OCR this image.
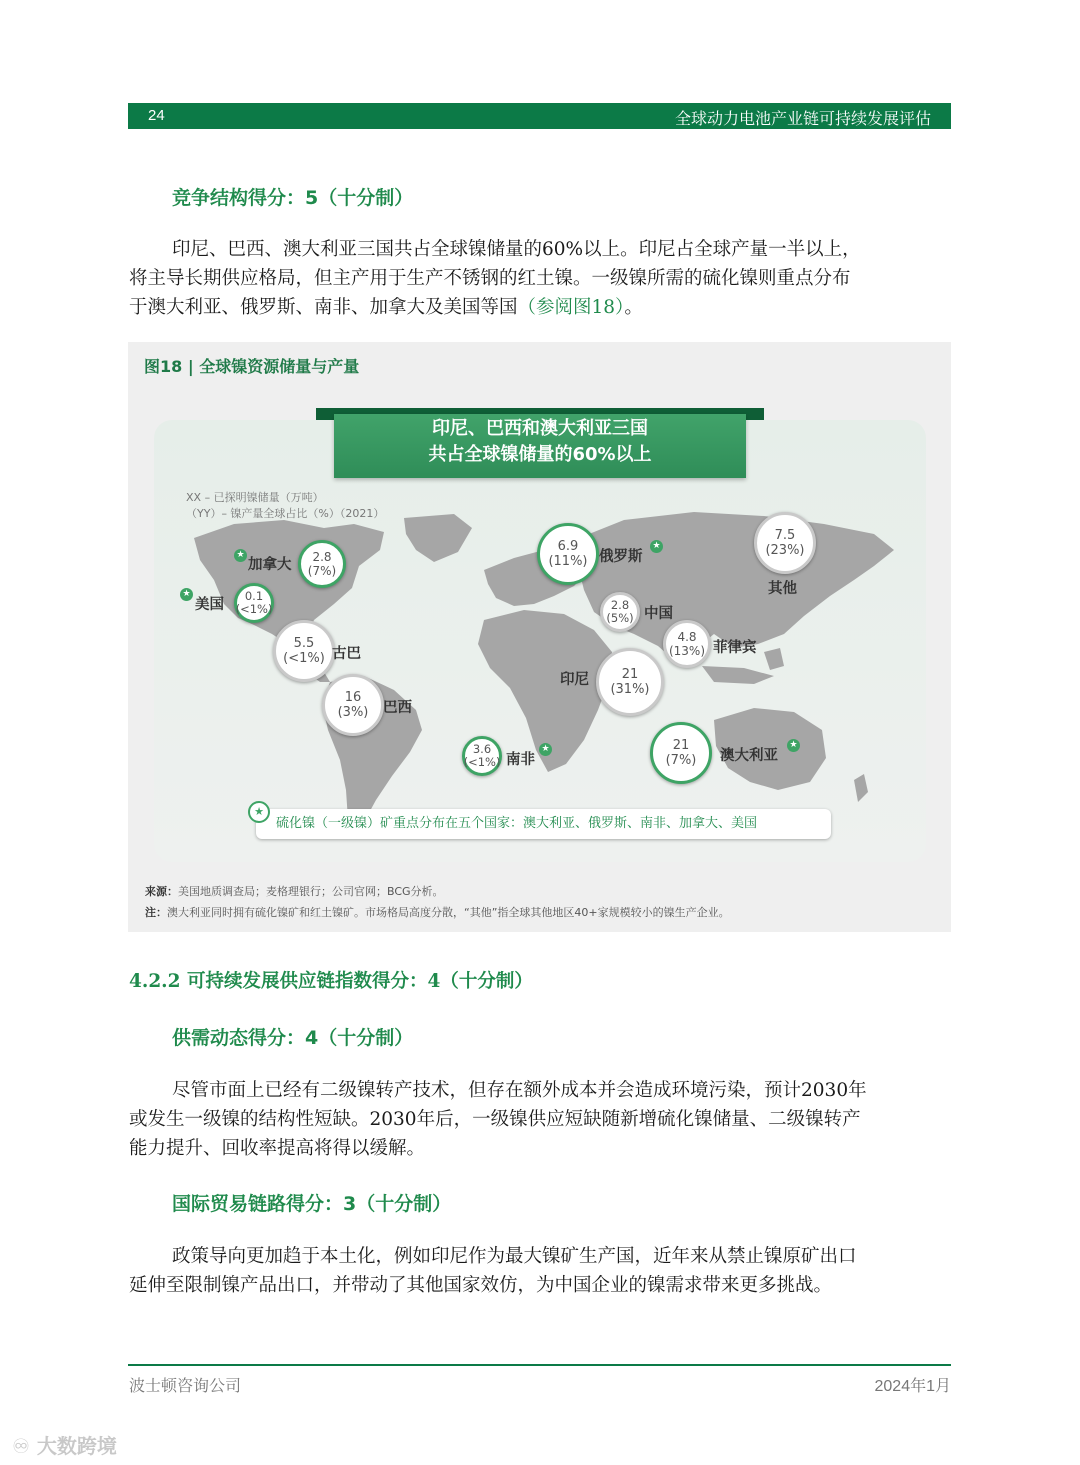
24	全球动力电池产业链可持续发展评估
竞争结构得分：5（十分制）
印尼、巴西、澳大利亚三国共占全球镍储量的60%以上。印尼占全球产量一半以上，
将主导长期供应格局，但主产用于生产不锈钢的红土镍。一级镍所需的硫化镍则重点分布
于澳大利亚、俄罗斯、南非、加拿大及美国等国（参阅图18）。
图18 | 全球镍资源储量与产量
印尼、巴西和澳大利亚三国
共占全球镍储量的60%以上
XX – 已探明镍储量（万吨）
（YY）– 镍产量全球占比（%）（2021）
★
加拿大 2.8
(7%)
★
美国
0.1
(<1%)
5.5
(<1%) 古巴
16
(3%) 巴西
6.9
(11%) 俄罗斯
★
2.8
(5%) 中国
4.8
(13%) 菲律宾
印尼	21
(31%)
3.6
(<1%) 南非
★	21
(7%) 澳大利亚
★
7.5
(23%)
其他
硫化镍（一级镍）矿重点分布在五个国家：澳大利亚、俄罗斯、南非、加拿大、美国
★
来源：美国地质调查局；麦格理银行；公司官网；BCG分析。
注：澳大利亚同时拥有硫化镍矿和红土镍矿。市场格局高度分散，“其他”指全球其他地区40+家规模较小的镍生产企业。
4.2.2 可持续发展供应链指数得分：4（十分制）
供需动态得分：4（十分制）
尽管市面上已经有二级镍转产技术，但存在额外成本并会造成环境污染，预计2030年
或发生一级镍的结构性短缺。2030年后，一级镍供应短缺随新增硫化镍储量、二级镍转产
能力提升、回收率提高将得以缓解。
国际贸易链路得分：3（十分制）
政策导向更加趋于本土化，例如印尼作为最大镍矿生产国，近年来从禁止镍原矿出口
延伸至限制镍产品出口，并带动了其他国家效仿，为中国企业的镍需求带来更多挑战。
波士顿咨询公司	2024年1月
♾ 大数跨境
